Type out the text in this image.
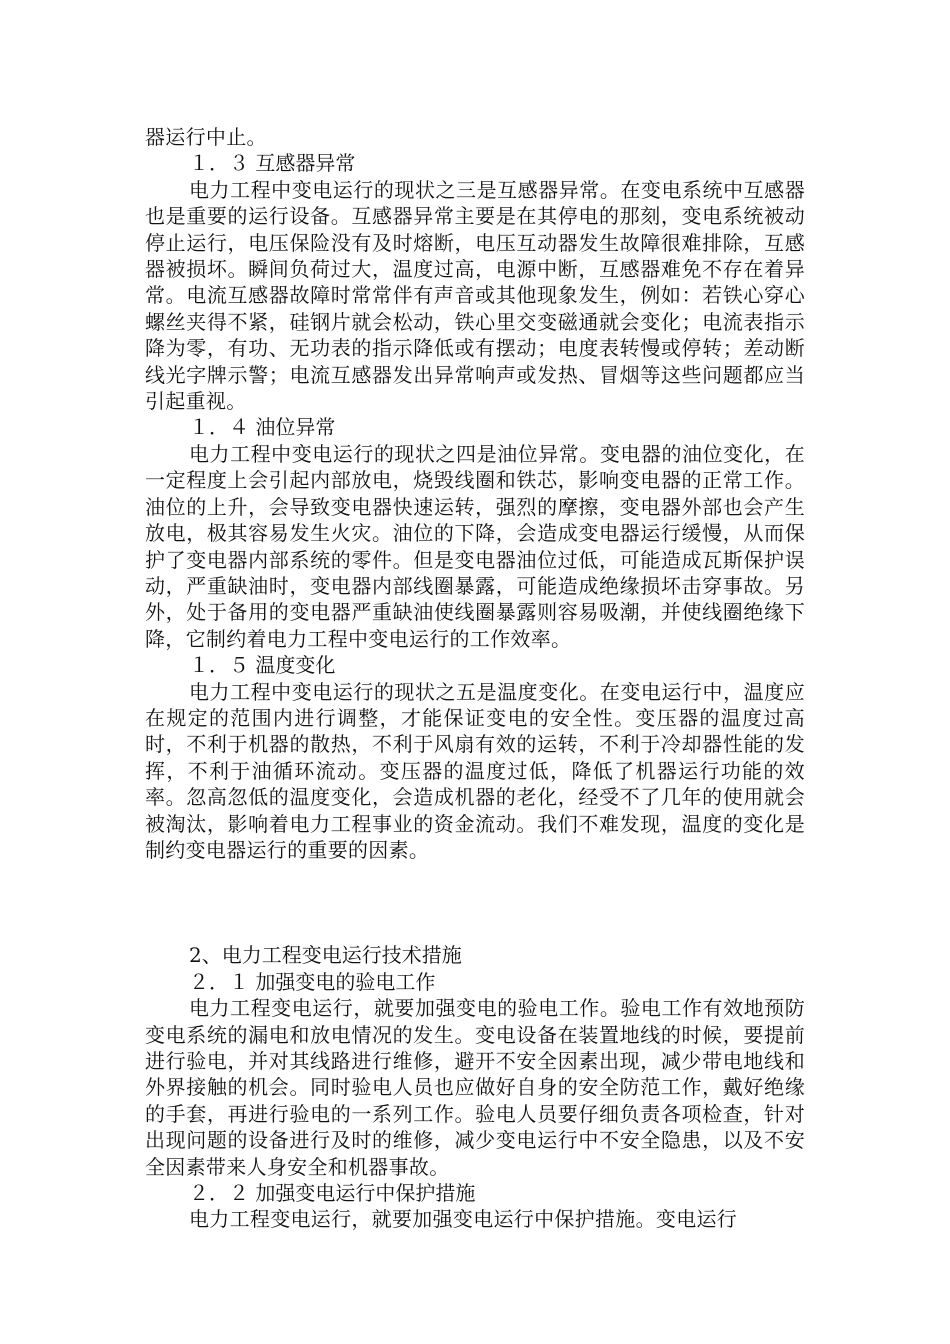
器运行中止。

１．３ 互感器异常

电力工程中变电运行的现状之三是互感器异常。在变电系统中互感器也是重要的运行设备。互感器异常主要是在其停电的那刻，变电系统被动停止运行，电压保险没有及时熔断，电压互动器发生故障很难排除，互感器被损坏。瞬间负荷过大，温度过高，电源中断，互感器难免不存在着异常。电流互感器故障时常常伴有声音或其他现象发生，例如：若铁心穿心螺丝夹得不紧，硅钢片就会松动，铁心里交变磁通就会变化；电流表指示降为零，有功、无功表的指示降低或有摆动；电度表转慢或停转；差动断线光字牌示警；电流互感器发出异常响声或发热、冒烟等这些问题都应当引起重视。

１．４ 油位异常

电力工程中变电运行的现状之四是油位异常。变电器的油位变化，在一定程度上会引起内部放电，烧毁线圈和铁芯，影响变电器的正常工作。油位的上升，会导致变电器快速运转，强烈的摩擦，变电器外部也会产生放电，极其容易发生火灾。油位的下降，会造成变电器运行缓慢，从而保护了变电器内部系统的零件。但是变电器油位过低，可能造成瓦斯保护误动，严重缺油时，变电器内部线圈暴露，可能造成绝缘损坏击穿事故。另外，处于备用的变电器严重缺油使线圈暴露则容易吸潮，并使线圈绝缘下降，它制约着电力工程中变电运行的工作效率。

１．５ 温度变化

电力工程中变电运行的现状之五是温度变化。在变电运行中，温度应在规定的范围内进行调整，才能保证变电的安全性。变压器的温度过高时，不利于机器的散热，不利于风扇有效的运转，不利于冷却器性能的发挥，不利于油循环流动。变压器的温度过低，降低了机器运行功能的效率。忽高忽低的温度变化，会造成机器的老化，经受不了几年的使用就会被淘汰，影响着电力工程事业的资金流动。我们不难发现，温度的变化是制约变电器运行的重要的因素。

2、电力工程变电运行技术措施
２．１ 加强变电的验电工作

电力工程变电运行，就要加强变电的验电工作。验电工作有效地预防变电系统的漏电和放电情况的发生。变电设备在装置地线的时候，要提前进行验电，并对其线路进行维修，避开不安全因素出现，减少带电地线和外界接触的机会。同时验电人员也应做好自身的安全防范工作，戴好绝缘的手套，再进行验电的一系列工作。验电人员要仔细负责各项检查，针对出现问题的设备进行及时的维修，减少变电运行中不安全隐患，以及不安全因素带来人身安全和机器事故。

２．２ 加强变电运行中保护措施

电力工程变电运行，就要加强变电运行中保护措施。变电运行
